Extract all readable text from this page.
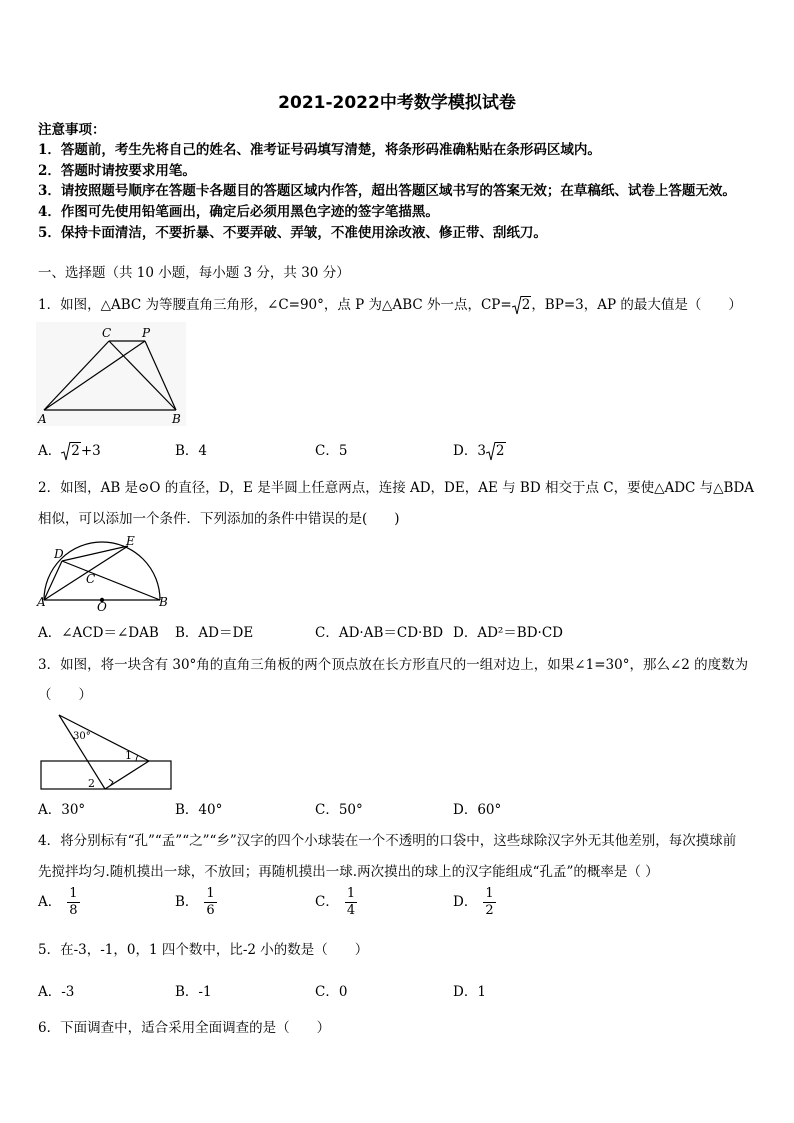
2021-2022中考数学模拟试卷
注意事项：
1．答题前，考生先将自己的姓名、准考证号码填写清楚，将条形码准确粘贴在条形码区域内。
2．答题时请按要求用笔。
3．请按照题号顺序在答题卡各题目的答题区域内作答，超出答题区域书写的答案无效；在草稿纸、试卷上答题无效。
4．作图可先使用铅笔画出，确定后必须用黑色字迹的签字笔描黑。
5．保持卡面清洁，不要折暴、不要弄破、弄皱，不准使用涂改液、修正带、刮纸刀。
一、选择题（共 10 小题，每小题 3 分，共 30 分）
1．如图，△ABC 为等腰直角三角形，∠C=90°，点 P 为△ABC 外一点，CP= 2，BP=3，AP 的最大值是（　　）
C	P
A	B
A． 2+3	B．4	C．5	D．3 2
2．如图，AB 是⊙O 的直径，D，E 是半圆上任意两点，连接 AD，DE，AE 与 BD 相交于点 C，要使△ADC 与△BDA
相似，可以添加一个条件．下列添加的条件中错误的是(　　)
D
E
C
A	O	B
A．∠ACD＝∠DAB B．AD＝DE	C．AD·AB＝CD·BD D．AD²＝BD·CD
3．如图，将一块含有 30°角的直角三角板的两个顶点放在长方形直尺的一组对边上，如果∠1=30°，那么∠2 的度数为
（　　）
30°
1
2
A．30°	B．40°	C．50°	D．60°
4．将分别标有“孔”“孟”“之”“乡”汉字的四个小球装在一个不透明的口袋中，这些球除汉字外无其他差别，每次摸球前
先搅拌均匀.随机摸出一球，不放回；再随机摸出一球.两次摸出的球上的汉字能组成“孔孟”的概率是（ ）
A． $\frac{1}{8}$	B． $\frac{1}{6}$	C． $\frac{1}{4}$	D． $\frac{1}{2}$
5．在-3，-1，0，1 四个数中，比-2 小的数是（　　）
A．-3	B．-1	C．0	D．1
6．下面调查中，适合采用全面调查的是（　　）
